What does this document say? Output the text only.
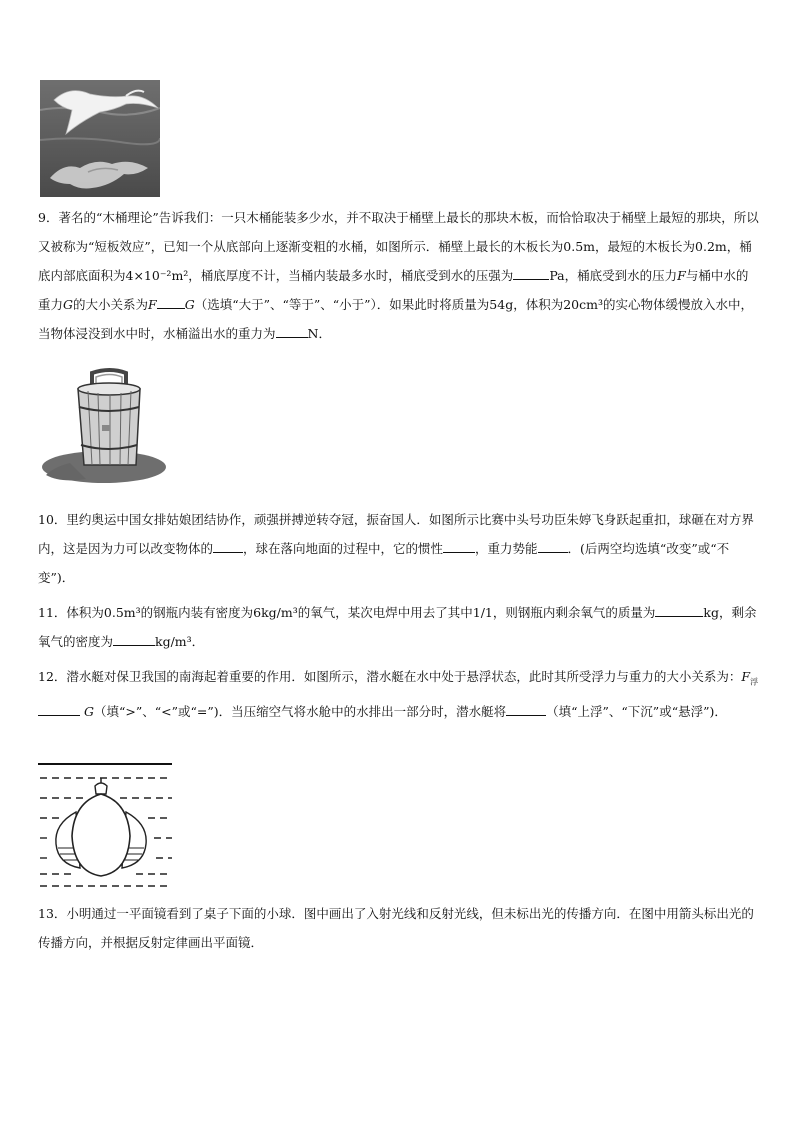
9．著名的“木桶理论”告诉我们：一只木桶能装多少水，并不取决于桶壁上最长的那块木板，而恰恰取决于桶壁上最短的那块，所以又被称为“短板效应”，已知一个从底部向上逐渐变粗的水桶，如图所示．桶壁上最长的木板长为0.5m，最短的木板长为0.2m，桶底内部底面积为4×10⁻²m²，桶底厚度不计，当桶内装最多水时，桶底受到水的压强为	Pa，桶底受到水的压力F与桶中水的重力G的大小关系为F G（选填“大于”、“等于”、“小于”）．如果此时将质量为54g，体积为20cm³的实心物体缓慢放入水中，当物体浸没到水中时，水桶溢出水的重力为	N．

10．里约奥运中国女排姑娘团结协作，顽强拼搏逆转夺冠，振奋国人．如图所示比赛中头号功臣朱婷飞身跃起重扣，球砸在对方界内，这是因为力可以改变物体的 ，球在落向地面的过程中，它的惯性	，重力势能 ．(后两空均选填“改变”或“不变”)．

11．体积为0.5m³的钢瓶内装有密度为6kg/m³的氧气，某次电焊中用去了其中1/1，则钢瓶内剩余氧气的质量为	kg，剩余氧气的密度为	kg/m³．

12．潜水艇对保卫我国的南海起着重要的作用．如图所示，潜水艇在水中处于悬浮状态，此时其所受浮力与重力的大小关系为：$F_浮$ G（填“>”、“<”或“=”)．当压缩空气将水舱中的水排出一部分时，潜水艇将	（填“上浮”、“下沉”或“悬浮”)．

13．小明通过一平面镜看到了桌子下面的小球．图中画出了入射光线和反射光线，但未标出光的传播方向．在图中用箭头标出光的传播方向，并根据反射定律画出平面镜．
